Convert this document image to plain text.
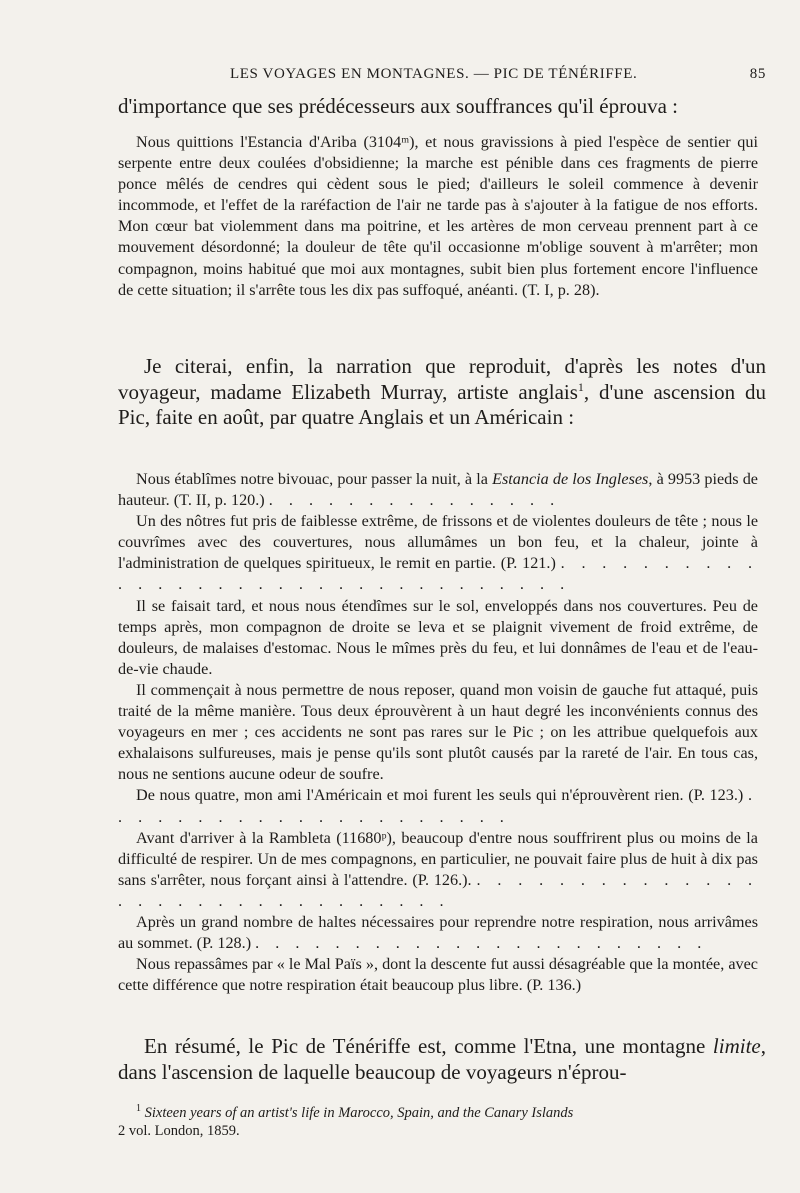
LES VOYAGES EN MONTAGNES. — PIC DE TÉNÉRIFFE.	85
d'importance que ses prédécesseurs aux souffrances qu'il éprouva :

Nous quittions l'Estancia d'Ariba (3104ᵐ), et nous gravissions à pied l'espèce de sentier qui serpente entre deux coulées d'obsidienne; la marche est pénible dans ces fragments de pierre ponce mêlés de cendres qui cèdent sous le pied; d'ailleurs le soleil commence à devenir incommode, et l'effet de la raréfaction de l'air ne tarde pas à s'ajouter à la fatigue de nos efforts. Mon cœur bat violemment dans ma poitrine, et les artères de mon cerveau prennent part à ce mouvement désordonné; la douleur de tête qu'il occasionne m'oblige souvent à m'arrêter; mon compagnon, moins habitué que moi aux montagnes, subit bien plus fortement encore l'influence de cette situation; il s'arrête tous les dix pas suffoqué, anéanti. (T. I, p. 28).

Je citerai, enfin, la narration que reproduit, d'après les notes d'un voyageur, madame Elizabeth Murray, artiste anglais$^1$, d'une ascension du Pic, faite en août, par quatre Anglais et un Américain :

Nous établîmes notre bivouac, pour passer la nuit, à la Estancia de los Ingleses, à 9953 pieds de hauteur. (T. II, p. 120.) . . . . . . . . . . . . . . .

Un des nôtres fut pris de faiblesse extrême, de frissons et de violentes douleurs de tête ; nous le couvrîmes avec des couvertures, nous allumâmes un bon feu, et la chaleur, jointe à l'administration de quelques spiritueux, le remit en partie. (P. 121.) . . . . . . . . . . . . . . . . . . . . . . . . . . . . . . . . .

Il se faisait tard, et nous nous étendîmes sur le sol, enveloppés dans nos couvertures. Peu de temps après, mon compagnon de droite se leva et se plaignit vivement de froid extrême, de douleurs, de malaises d'estomac. Nous le mîmes près du feu, et lui donnâmes de l'eau et de l'eau-de-vie chaude.

Il commençait à nous permettre de nous reposer, quand mon voisin de gauche fut attaqué, puis traité de la même manière. Tous deux éprouvèrent à un haut degré les inconvénients connus des voyageurs en mer ; ces accidents ne sont pas rares sur le Pic ; on les attribue quelquefois aux exhalaisons sulfureuses, mais je pense qu'ils sont plutôt causés par la rareté de l'air. En tous cas, nous ne sentions aucune odeur de soufre.

De nous quatre, mon ami l'Américain et moi furent les seuls qui n'éprouvèrent rien. (P. 123.) . . . . . . . . . . . . . . . . . . . . .

Avant d'arriver à la Rambleta (11680ᵖ), beaucoup d'entre nous souffrirent plus ou moins de la difficulté de respirer. Un de mes compagnons, en particulier, ne pouvait faire plus de huit à dix pas sans s'arrêter, nous forçant ainsi à l'attendre. (P. 126.). . . . . . . . . . . . . . . . . . . . . . . . . . . . . . . .

Après un grand nombre de haltes nécessaires pour reprendre notre respiration, nous arrivâmes au sommet. (P. 128.) . . . . . . . . . . . . . . . . . . . . . . .

Nous repassâmes par « le Mal Païs », dont la descente fut aussi désagréable que la montée, avec cette différence que notre respiration était beaucoup plus libre. (P. 136.)

En résumé, le Pic de Ténériffe est, comme l'Etna, une montagne limite, dans l'ascension de laquelle beaucoup de voyageurs n'éprou-

$^1$ Sixteen years of an artist's life in Marocco, Spain, and the Canary Islands
2 vol. London, 1859.
